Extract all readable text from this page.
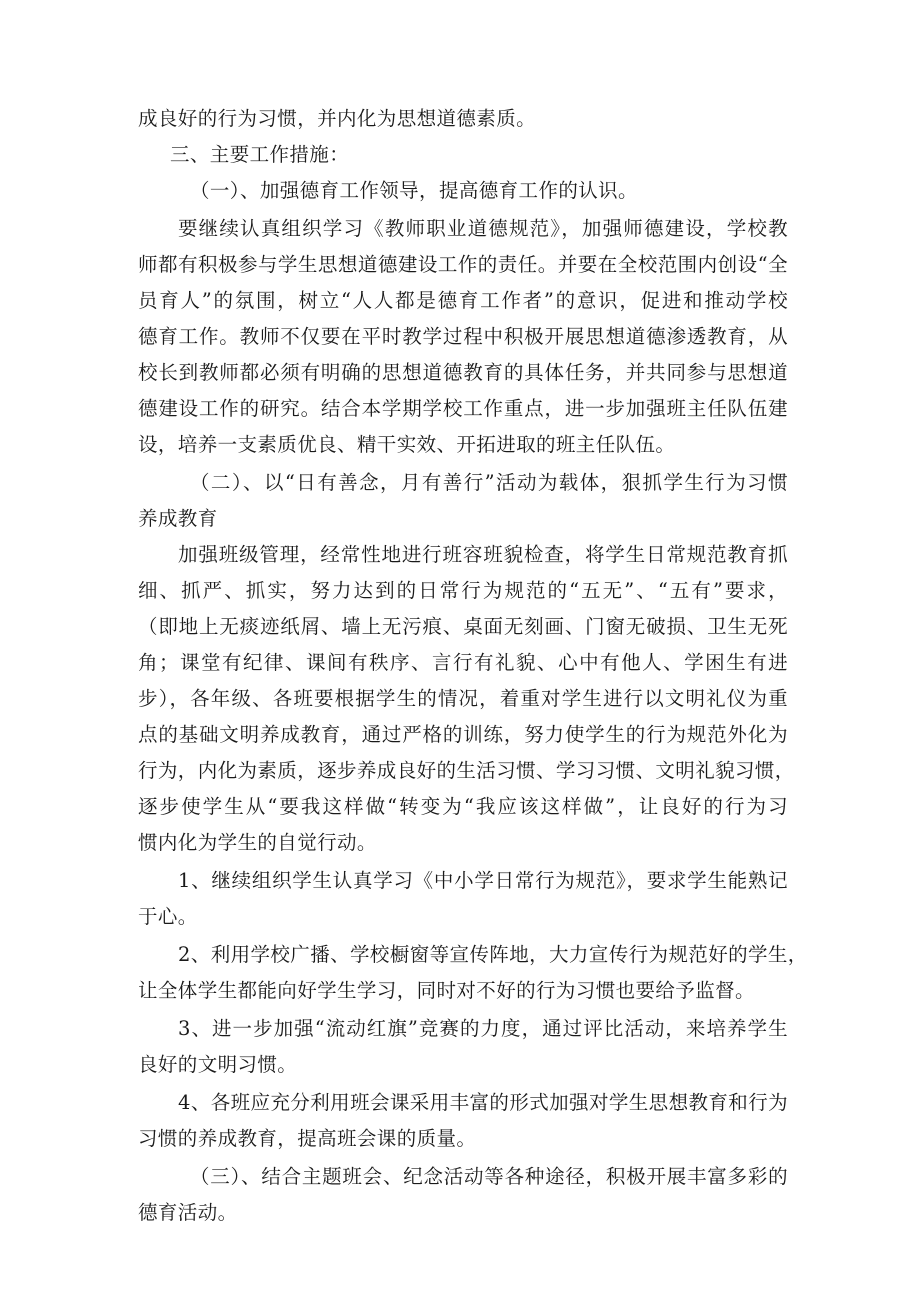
成良好的行为习惯，并内化为思想道德素质。
三、主要工作措施：
（一）、加强德育工作领导，提高德育工作的认识。
要继续认真组织学习《教师职业道德规范》，加强师德建设，学校教
师都有积极参与学生思想道德建设工作的责任。并要在全校范围内创设“全
员育人”的氛围，树立“人人都是德育工作者”的意识，促进和推动学校
德育工作。教师不仅要在平时教学过程中积极开展思想道德渗透教育，从
校长到教师都必须有明确的思想道德教育的具体任务，并共同参与思想道
德建设工作的研究。结合本学期学校工作重点，进一步加强班主任队伍建
设，培养一支素质优良、精干实效、开拓进取的班主任队伍。
（二）、以“日有善念，月有善行”活动为载体，狠抓学生行为习惯
养成教育
加强班级管理，经常性地进行班容班貌检查，将学生日常规范教育抓
细、抓严、抓实，努力达到的日常行为规范的“五无”、“五有”要求，
（即地上无痰迹纸屑、墙上无污痕、桌面无刻画、门窗无破损、卫生无死
角；课堂有纪律、课间有秩序、言行有礼貌、心中有他人、学困生有进
步），各年级、各班要根据学生的情况，着重对学生进行以文明礼仪为重
点的基础文明养成教育，通过严格的训练，努力使学生的行为规范外化为
行为，内化为素质，逐步养成良好的生活习惯、学习习惯、文明礼貌习惯，
逐步使学生从“要我这样做“转变为“我应该这样做”，让良好的行为习
惯内化为学生的自觉行动。
1、继续组织学生认真学习《中小学日常行为规范》，要求学生能熟记
于心。
2、利用学校广播、学校橱窗等宣传阵地，大力宣传行为规范好的学生，
让全体学生都能向好学生学习，同时对不好的行为习惯也要给予监督。
3、进一步加强“流动红旗”竞赛的力度，通过评比活动，来培养学生
良好的文明习惯。
4、各班应充分利用班会课采用丰富的形式加强对学生思想教育和行为
习惯的养成教育，提高班会课的质量。
（三）、结合主题班会、纪念活动等各种途径，积极开展丰富多彩的
德育活动。
